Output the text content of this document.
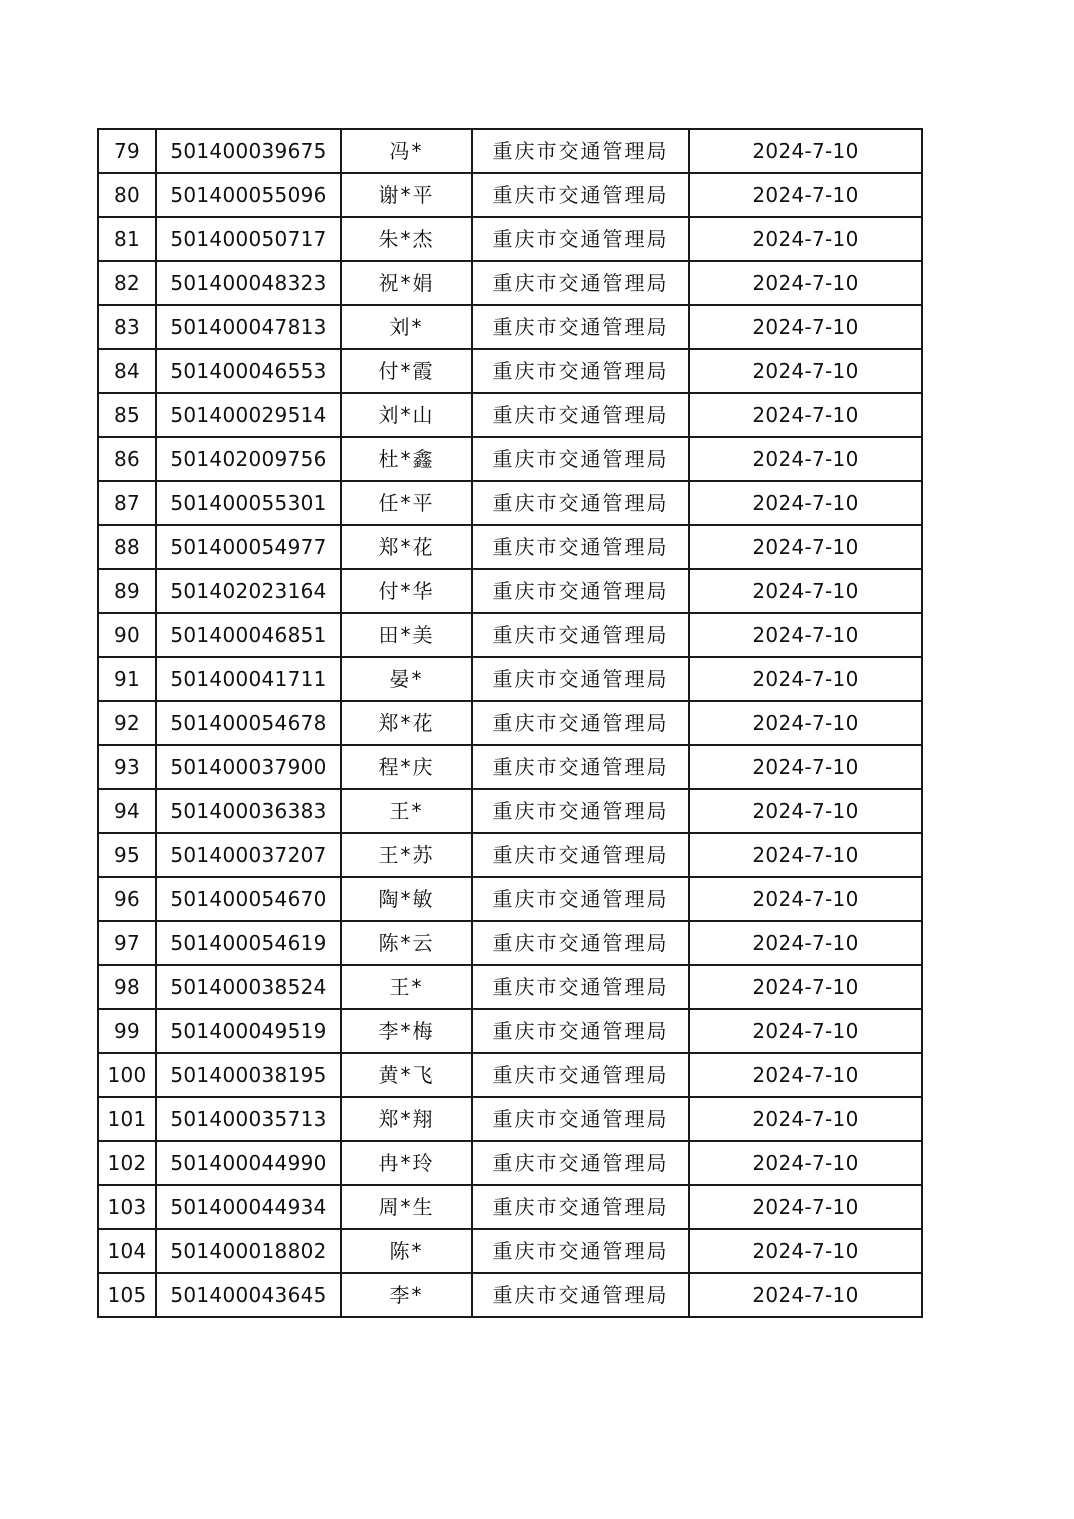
79	501400039675	冯*	重庆市交通管理局	2024-7-10
80	501400055096	谢*平	重庆市交通管理局	2024-7-10
81	501400050717	朱*杰	重庆市交通管理局	2024-7-10
82	501400048323	祝*娟	重庆市交通管理局	2024-7-10
83	501400047813	刘*	重庆市交通管理局	2024-7-10
84	501400046553	付*霞	重庆市交通管理局	2024-7-10
85	501400029514	刘*山	重庆市交通管理局	2024-7-10
86	501402009756	杜*鑫	重庆市交通管理局	2024-7-10
87	501400055301	任*平	重庆市交通管理局	2024-7-10
88	501400054977	郑*花	重庆市交通管理局	2024-7-10
89	501402023164	付*华	重庆市交通管理局	2024-7-10
90	501400046851	田*美	重庆市交通管理局	2024-7-10
91	501400041711	晏*	重庆市交通管理局	2024-7-10
92	501400054678	郑*花	重庆市交通管理局	2024-7-10
93	501400037900	程*庆	重庆市交通管理局	2024-7-10
94	501400036383	王*	重庆市交通管理局	2024-7-10
95	501400037207	王*苏	重庆市交通管理局	2024-7-10
96	501400054670	陶*敏	重庆市交通管理局	2024-7-10
97	501400054619	陈*云	重庆市交通管理局	2024-7-10
98	501400038524	王*	重庆市交通管理局	2024-7-10
99	501400049519	李*梅	重庆市交通管理局	2024-7-10
100	501400038195	黄*飞	重庆市交通管理局	2024-7-10
101	501400035713	郑*翔	重庆市交通管理局	2024-7-10
102	501400044990	冉*玲	重庆市交通管理局	2024-7-10
103	501400044934	周*生	重庆市交通管理局	2024-7-10
104	501400018802	陈*	重庆市交通管理局	2024-7-10
105	501400043645	李*	重庆市交通管理局	2024-7-10
